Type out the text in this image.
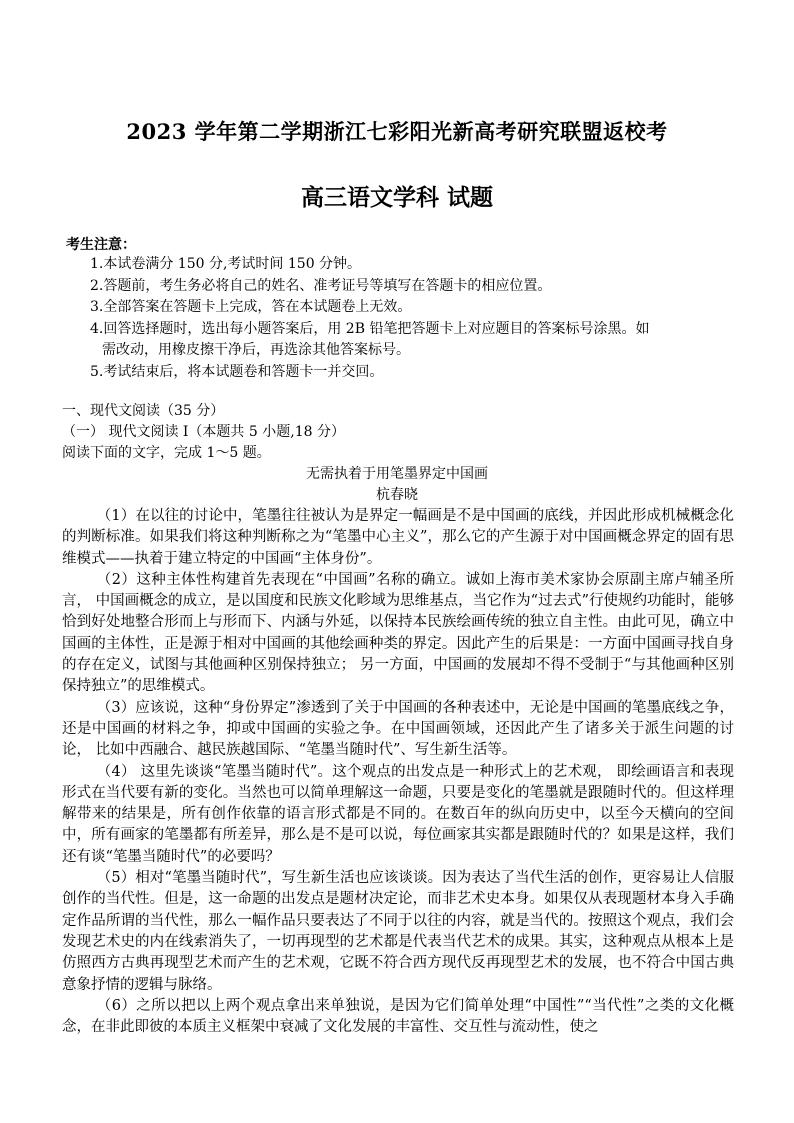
2023 学年第二学期浙江七彩阳光新高考研究联盟返校考
高三语文学科 试题
考生注意：
1.本试卷满分 150 分,考试时间 150 分钟。
2.答题前，考生务必将自己的姓名、准考证号等填写在答题卡的相应位置。
3.全部答案在答题卡上完成，答在本试题卷上无效。
4.回答选择题时，选出每小题答案后，用 2B 铅笔把答题卡上对应题目的答案标号涂黑。如
需改动，用橡皮擦干净后，再选涂其他答案标号。
5.考试结束后，将本试题卷和答题卡一并交回。
一、现代文阅读（35 分）
（一） 现代文阅读 I（本题共 5 小题,18 分）
阅读下面的文字，完成 1～5 题。
无需执着于用笔墨界定中国画
杭春晓

（1）在以往的讨论中，笔墨往往被认为是界定一幅画是不是中国画的底线，并因此形成机械概念化的判断标准。如果我们将这种判断称之为“笔墨中心主义”，那么它的产生源于对中国画概念界定的固有思维模式——执着于建立特定的中国画“主体身份”。

（2）这种主体性构建首先表现在“中国画”名称的确立。诚如上海市美术家协会原副主席卢辅圣所言， 中国画概念的成立，是以国度和民族文化畛域为思维基点，当它作为“过去式”行使规约功能时，能够恰到好处地整合形而上与形而下、内涵与外延，以保持本民族绘画传统的独立自主性。由此可见，确立中国画的主体性，正是源于相对中国画的其他绘画种类的界定。因此产生的后果是：一方面中国画寻找自身的存在定义，试图与其他画种区别保持独立； 另一方面，中国画的发展却不得不受制于“与其他画种区别保持独立”的思维模式。

（3）应该说，这种“身份界定”渗透到了关于中国画的各种表述中，无论是中国画的笔墨底线之争，还是中国画的材料之争，抑或中国画的实验之争。在中国画领域，还因此产生了诸多关于派生问题的讨论， 比如中西融合、越民族越国际、“笔墨当随时代”、写生新生活等。

（4） 这里先谈谈“笔墨当随时代”。这个观点的出发点是一种形式上的艺术观， 即绘画语言和表现形式在当代要有新的变化。当然也可以简单理解这一命题，只要是变化的笔墨就是跟随时代的。但这样理解带来的结果是，所有创作依靠的语言形式都是不同的。在数百年的纵向历史中，以至今天横向的空间中，所有画家的笔墨都有所差异，那么是不是可以说，每位画家其实都是跟随时代的？如果是这样，我们还有谈“笔墨当随时代”的必要吗？

（5）相对“笔墨当随时代”，写生新生活也应该谈谈。因为表达了当代生活的创作，更容易让人信服创作的当代性。但是，这一命题的出发点是题材决定论，而非艺术史本身。如果仅从表现题材本身入手确定作品所谓的当代性，那么一幅作品只要表达了不同于以往的内容，就是当代的。按照这个观点，我们会发现艺术史的内在线索消失了，一切再现型的艺术都是代表当代艺术的成果。其实，这种观点从根本上是仿照西方古典再现型艺术而产生的艺术观，它既不符合西方现代反再现型艺术的发展，也不符合中国古典意象抒情的逻辑与脉络。

（6）之所以把以上两个观点拿出来单独说，是因为它们简单处理“中国性”“当代性”之类的文化概念，在非此即彼的本质主义框架中衰减了文化发展的丰富性、交互性与流动性，使之
